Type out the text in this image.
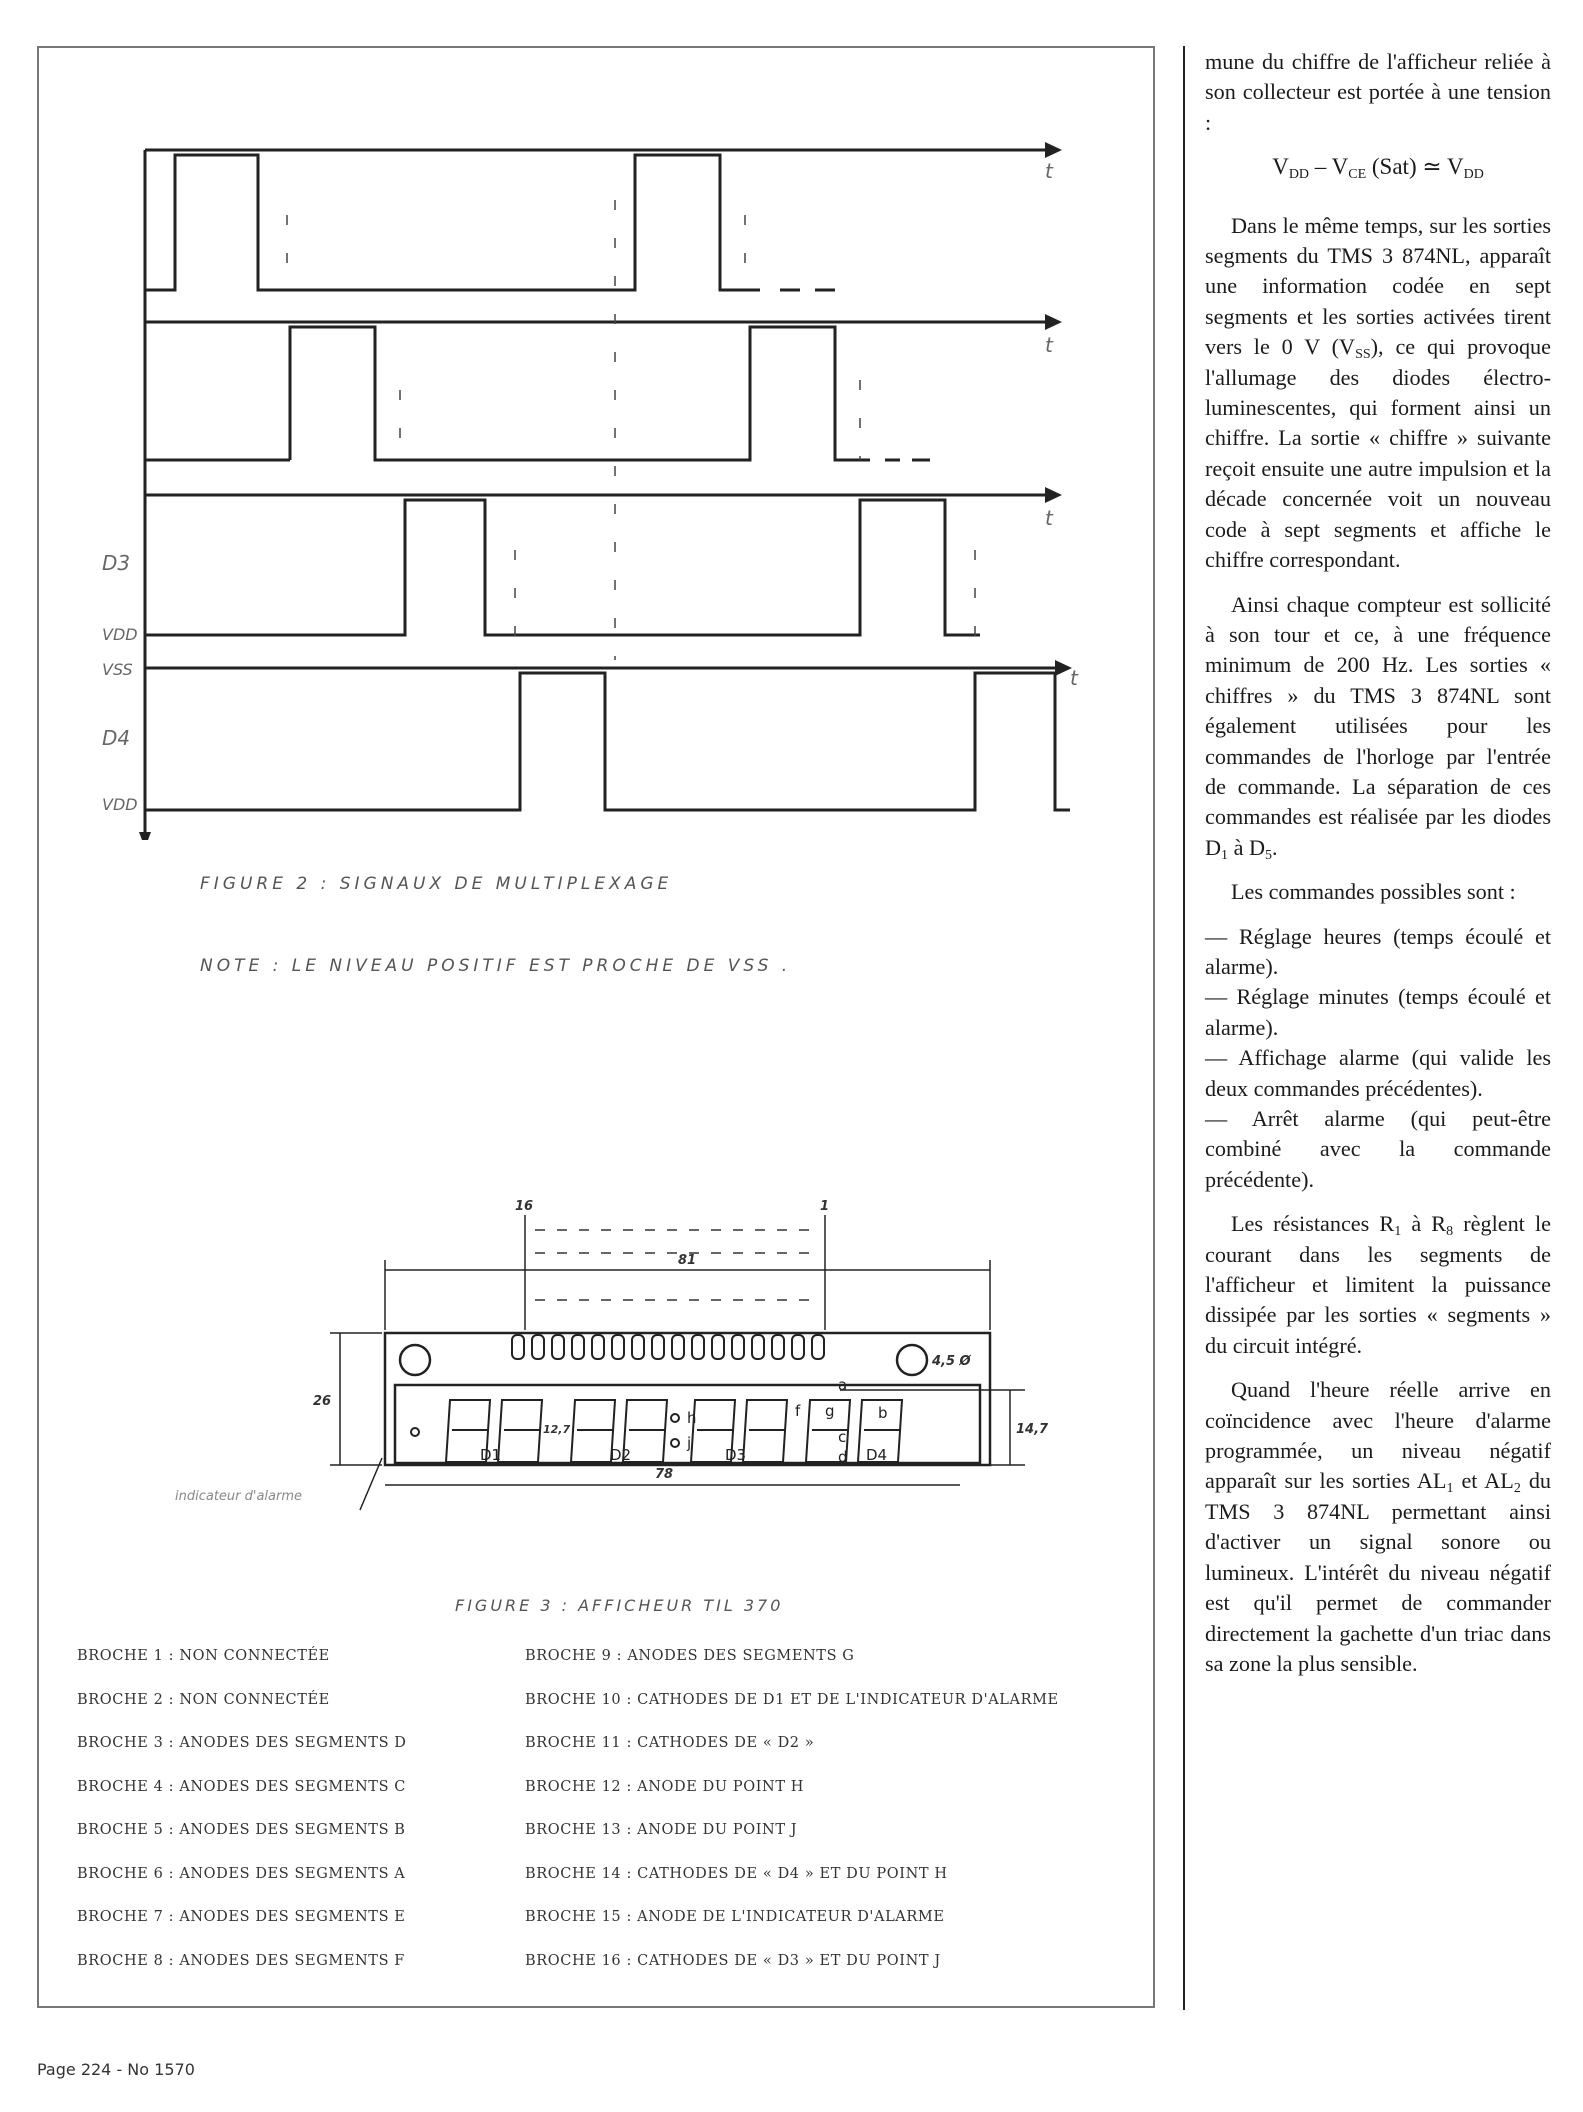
t
t
t
t
D3
D4
VDD
VSS
VDD
FIGURE 2 : SIGNAUX DE MULTIPLEXAGE
NOTE : LE NIVEAU POSITIF EST PROCHE DE VSS .
D1	D2	D3	D4
h
j
a
b
c
d
f g
16	1
81
78
26
12,7	14,7
4,5 Ø
indicateur d'alarme
FIGURE 3 : AFFICHEUR TIL 370
BROCHE 1 : NON CONNECTÉE
BROCHE 2 : NON CONNECTÉE
BROCHE 3 : ANODES DES SEGMENTS D
BROCHE 4 : ANODES DES SEGMENTS C
BROCHE 5 : ANODES DES SEGMENTS B
BROCHE 6 : ANODES DES SEGMENTS A
BROCHE 7 : ANODES DES SEGMENTS E
BROCHE 8 : ANODES DES SEGMENTS F
BROCHE 9 : ANODES DES SEGMENTS G
BROCHE 10 : CATHODES DE D1 ET DE L'INDICATEUR D'ALARME
BROCHE 11 : CATHODES DE « D2 »
BROCHE 12 : ANODE DU POINT H
BROCHE 13 : ANODE DU POINT J
BROCHE 14 : CATHODES DE « D4 » ET DU POINT H
BROCHE 15 : ANODE DE L'INDICATEUR D'ALARME
BROCHE 16 : CATHODES DE « D3 » ET DU POINT J
Page 224 - No 1570

mune du chiffre de l'afficheur reliée à son collecteur est portée à une tension :

$V_{DD} - V_{CE}$ (Sat) ≃ $V_{DD}$

Dans le même temps, sur les sorties segments du TMS 3 874NL, apparaît une information codée en sept segments et les sorties activées tirent vers le 0 V $(V_{SS})$, ce qui provoque l'allumage des diodes électro-luminescentes, qui forment ainsi un chiffre. La sortie « chiffre » suivante reçoit ensuite une autre impulsion et la décade concernée voit un nouveau code à sept segments et affiche le chiffre correspondant.

Ainsi chaque compteur est sollicité à son tour et ce, à une fréquence minimum de 200 Hz. Les sorties « chiffres » du TMS 3 874NL sont également utilisées pour les commandes de l'horloge par l'entrée de commande. La séparation de ces commandes est réalisée par les diodes $D_1$ à $D_5$.

Les commandes possibles sont :

— Réglage heures (temps écoulé et alarme).

— Réglage minutes (temps écoulé et alarme).

— Affichage alarme (qui valide les deux commandes précédentes).

— Arrêt alarme (qui peut-être combiné avec la commande précédente).

Les résistances $R_1$ à $R_8$ règlent le courant dans les segments de l'afficheur et limitent la puissance dissipée par les sorties « segments » du circuit intégré.

Quand l'heure réelle arrive en coïncidence avec l'heure d'alarme programmée, un niveau négatif apparaît sur les sorties $AL_1$ et $AL_2$ du TMS 3 874NL permettant ainsi d'activer un signal sonore ou lumineux. L'intérêt du niveau négatif est qu'il permet de commander directement la gachette d'un triac dans sa zone la plus sensible.
